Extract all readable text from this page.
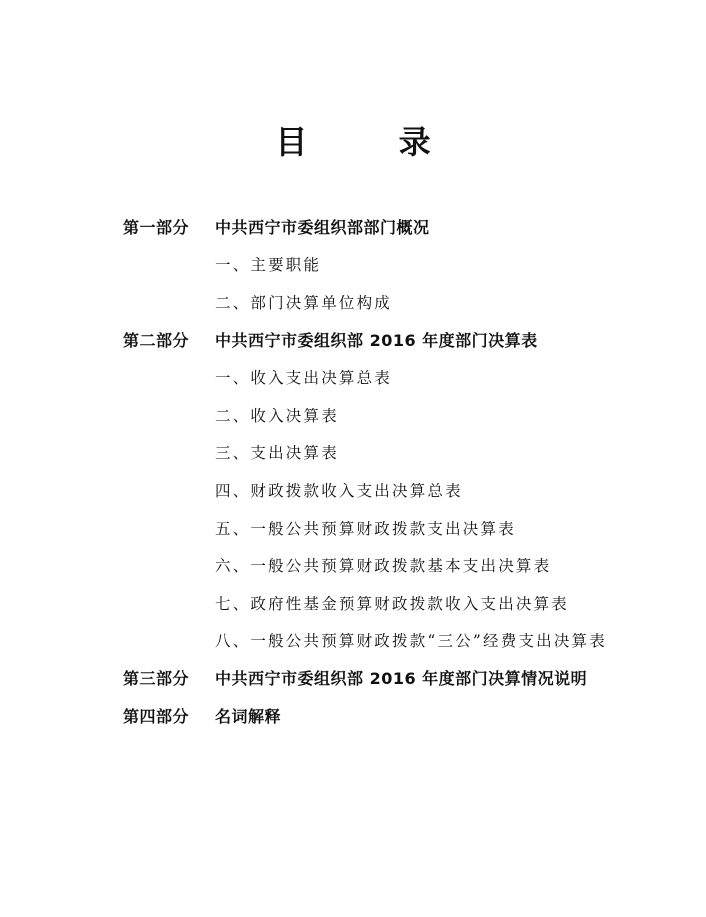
目 录
第一部分	中共西宁市委组织部部门概况
一、主要职能
二、部门决算单位构成
第二部分	中共西宁市委组织部 2016 年度部门决算表
一、收入支出决算总表
二、收入决算表
三、支出决算表
四、财政拨款收入支出决算总表
五、一般公共预算财政拨款支出决算表
六、一般公共预算财政拨款基本支出决算表
七、政府性基金预算财政拨款收入支出决算表
八、一般公共预算财政拨款“三公”经费支出决算表
第三部分	中共西宁市委组织部 2016 年度部门决算情况说明
第四部分	名词解释
